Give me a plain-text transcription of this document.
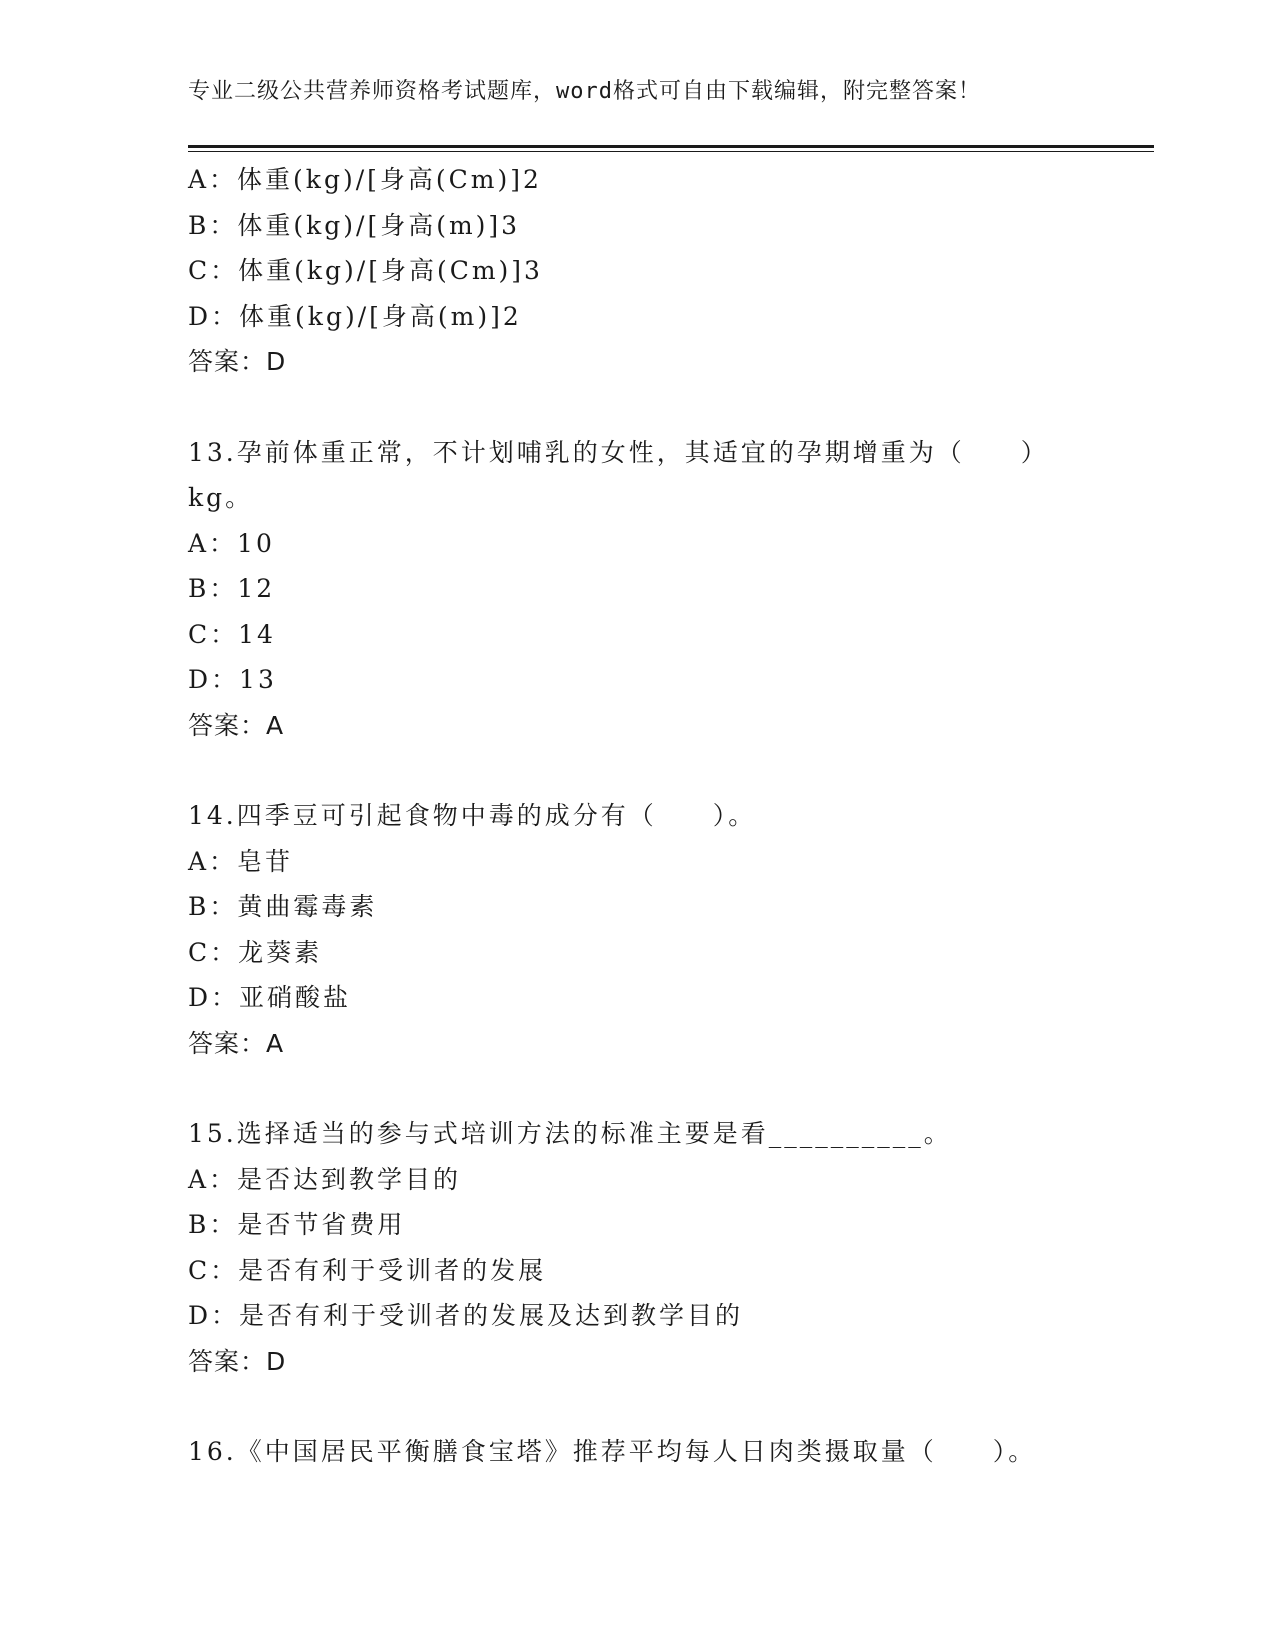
专业二级公共营养师资格考试题库，word格式可自由下载编辑，附完整答案！
A：体重(kg)/[身高(Cm)]2
B：体重(kg)/[身高(m)]3
C：体重(kg)/[身高(Cm)]3
D：体重(kg)/[身高(m)]2
答案：D
13.孕前体重正常，不计划哺乳的女性，其适宜的孕期增重为（　　）
kg。
A：10
B：12
C：14
D：13
答案：A
14.四季豆可引起食物中毒的成分有（　　）。
A：皂苷
B：黄曲霉毒素
C：龙葵素
D：亚硝酸盐
答案：A
15.选择适当的参与式培训方法的标准主要是看__________。
A：是否达到教学目的
B：是否节省费用
C：是否有利于受训者的发展
D：是否有利于受训者的发展及达到教学目的
答案：D
16.《中国居民平衡膳食宝塔》推荐平均每人日肉类摄取量（　　）。
